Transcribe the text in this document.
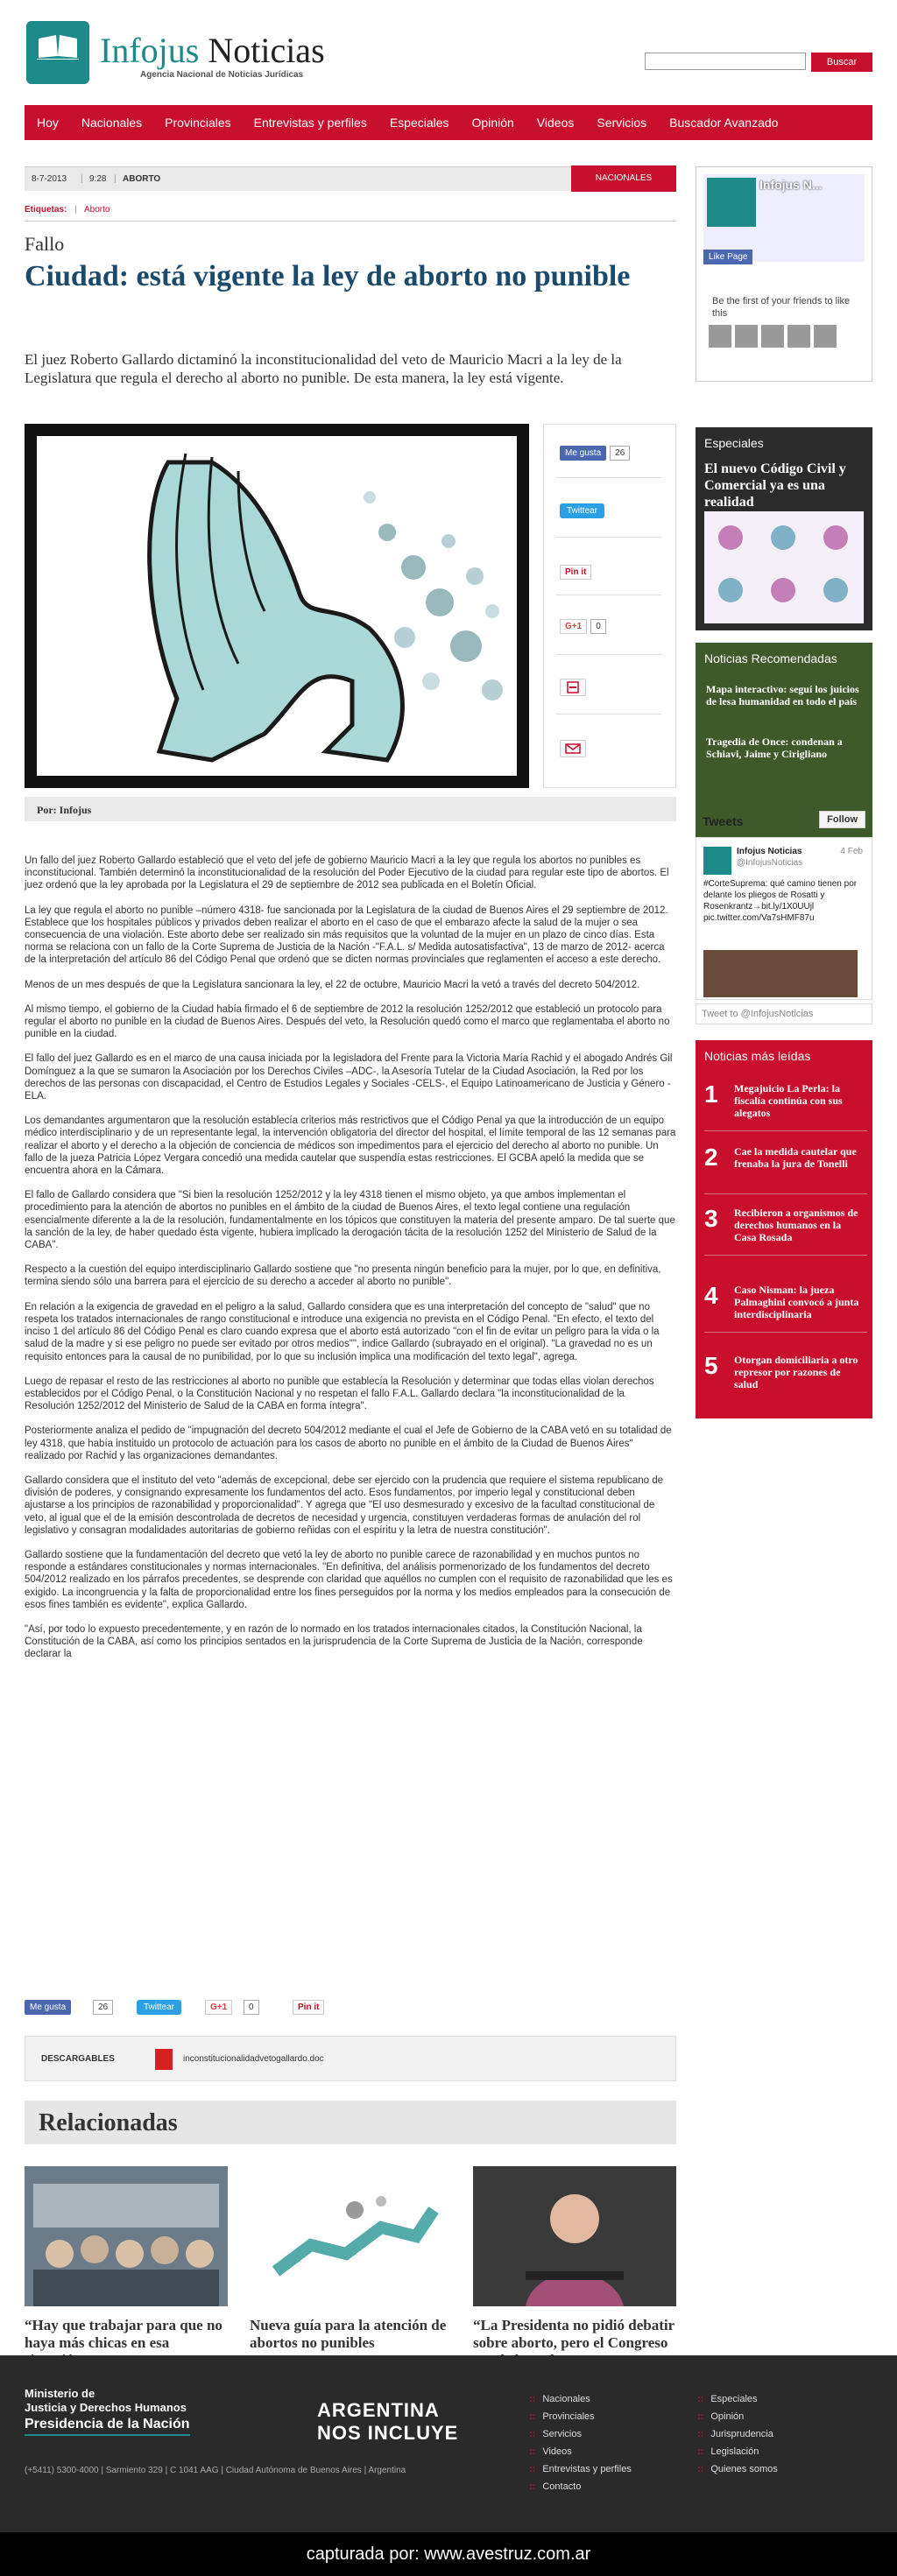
Infojus Noticias
Agencia Nacional de Noticias Jurídicas
Buscar
Hoy Nacionales Provinciales Entrevistas y perfiles Especiales Opinión Videos Servicios Buscador Avanzado
8-7-2013 | 9:28 | ABORTO	NACIONALES
Etiquetas: | Aborto
Fallo
Ciudad: está vigente la ley de aborto no punible

El juez Roberto Gallardo dictaminó la inconstitucionalidad del veto de Mauricio Macri a la ley de la Legislatura que regula el derecho al aborto no punible. De esta manera, la ley está vigente.

Me gusta 26
Twittear
Pin it
G+1 0
Por: Infojus

Un fallo del juez Roberto Gallardo estableció que el veto del jefe de gobierno Mauricio Macri a la ley que regula los abortos no punibles es inconstitucional. También determinó la inconstitucionalidad de la resolución del Poder Ejecutivo de la ciudad para regular este tipo de abortos. El juez ordenó que la ley aprobada por la Legislatura el 29 de septiembre de 2012 sea publicada en el Boletín Oficial.

La ley que regula el aborto no punible –número 4318- fue sancionada por la Legislatura de la ciudad de Buenos Aires el 29 septiembre de 2012. Establece que los hospitales públicos y privados deben realizar el aborto en el caso de que el embarazo afecte la salud de la mujer o sea consecuencia de una violación. Este aborto debe ser realizado sin más requisitos que la voluntad de la mujer en un plazo de cinco días. Esta norma se relaciona con un fallo de la Corte Suprema de Justicia de la Nación -"F.A.L. s/ Medida autosatisfactiva", 13 de marzo de 2012- acerca de la interpretación del artículo 86 del Código Penal que ordenó que se dicten normas provinciales que reglamenten el acceso a este derecho.

Menos de un mes después de que la Legislatura sancionara la ley, el 22 de octubre, Mauricio Macri la vetó a través del decreto 504/2012.

Al mismo tiempo, el gobierno de la Ciudad había firmado el 6 de septiembre de 2012 la resolución 1252/2012 que estableció un protocolo para regular el aborto no punible en la ciudad de Buenos Aires. Después del veto, la Resolución quedó como el marco que reglamentaba el aborto no punible en la ciudad.

El fallo del juez Gallardo es en el marco de una causa iniciada por la legisladora del Frente para la Victoria María Rachid y el abogado Andrés Gil Domínguez a la que se sumaron la Asociación por los Derechos Civiles –ADC-, la Asesoría Tutelar de la Ciudad Asociación, la Red por los derechos de las personas con discapacidad, el Centro de Estudios Legales y Sociales -CELS-, el Equipo Latinoamericano de Justicia y Género -ELA.

Los demandantes argumentaron que la resolución establecía criterios más restrictivos que el Código Penal ya que la introducción de un equipo médico interdisciplinario y de un representante legal, la intervención obligatoria del director del hospital, el límite temporal de las 12 semanas para realizar el aborto y el derecho a la objeción de conciencia de médicos son impedimentos para el ejercicio del derecho al aborto no punible. Un fallo de la jueza Patricia López Vergara concedió una medida cautelar que suspendía estas restricciones. El GCBA apeló la medida que se encuentra ahora en la Cámara.

El fallo de Gallardo considera que "Si bien la resolución 1252/2012 y la ley 4318 tienen el mismo objeto, ya que ambos implementan el procedimiento para la atención de abortos no punibles en el ámbito de la ciudad de Buenos Aires, el texto legal contiene una regulación esencialmente diferente a la de la resolución, fundamentalmente en los tópicos que constituyen la materia del presente amparo. De tal suerte que la sanción de la ley, de haber quedado ésta vigente, hubiera implicado la derogación tácita de la resolución 1252 del Ministerio de Salud de la CABA".

Respecto a la cuestión del equipo interdisciplinario Gallardo sostiene que "no presenta ningún beneficio para la mujer, por lo que, en definitiva, termina siendo sólo una barrera para el ejercicio de su derecho a acceder al aborto no punible".

En relación a la exigencia de gravedad en el peligro a la salud, Gallardo considera que es una interpretación del concepto de "salud" que no respeta los tratados internacionales de rango constitucional e introduce una exigencia no prevista en el Código Penal. "En efecto, el texto del inciso 1 del artículo 86 del Código Penal es claro cuando expresa que el aborto está autorizado "con el fin de evitar un peligro para la vida o la salud de la madre y si ese peligro no puede ser evitado por otros medios"", indice Gallardo (subrayado en el original). "La gravedad no es un requisito entonces para la causal de no punibilidad, por lo que su inclusión implica una modificación del texto legal", agrega.

Luego de repasar el resto de las restricciones al aborto no punible que establecía la Resolución y determinar que todas ellas violan derechos establecidos por el Código Penal, o la Constitución Nacional y no respetan el fallo F.A.L. Gallardo declara "la inconstitucionalidad de la Resolución 1252/2012 del Ministerio de Salud de la CABA en forma íntegra".

Posteriormente analiza el pedido de "impugnación del decreto 504/2012 mediante el cual el Jefe de Gobierno de la CABA vetó en su totalidad de ley 4318, que había instituido un protocolo de actuación para los casos de aborto no punible en el ámbito de la Ciudad de Buenos Aires" realizado por Rachid y las organizaciones demandantes.

Gallardo considera que el instituto del veto "además de excepcional, debe ser ejercido con la prudencia que requiere el sistema republicano de división de poderes, y consignando expresamente los fundamentos del acto. Esos fundamentos, por imperio legal y constitucional deben ajustarse a los principios de razonabilidad y proporcionalidad". Y agrega que "El uso desmesurado y excesivo de la facultad constitucional de veto, al igual que el de la emisión descontrolada de decretos de necesidad y urgencia, constituyen verdaderas formas de anulación del rol legislativo y consagran modalidades autoritarias de gobierno reñidas con el espíritu y la letra de nuestra constitución".

Gallardo sostiene que la fundamentación del decreto que vetó la ley de aborto no punible carece de razonabilidad y en muchos puntos no responde a estándares constitucionales y normas internacionales. "En definitiva, del análisis pormenorizado de los fundamentos del decreto 504/2012 realizado en los párrafos precedentes, se desprende con claridad que aquéllos no cumplen con el requisito de razonabilidad que les es exigido. La incongruencia y la falta de proporcionalidad entre los fines perseguidos por la norma y los medios empleados para la consecución de esos fines también es evidente", explica Gallardo.

"Así, por todo lo expuesto precedentemente, y en razón de lo normado en los tratados internacionales citados, la Constitución Nacional, la Constitución de la CABA, así como los principios sentados en la jurisprudencia de la Corte Suprema de Justicia de la Nación, corresponde declarar la

Me gusta	26	Twittear	G+1	0	Pin it
DESCARGABLES	inconstitucionalidadvetogallardo.doc
Relacionadas
“Hay que trabajar para que no haya más chicas en esa
Nueva guía para la atención de abortos no punibles
“La Presidenta no pidió debatir sobre aborto, pero el Congreso
Infojus N...
Like Page
Be the first of your friends to like this
Especiales
El nuevo Código Civil y Comercial ya es una realidad
Noticias Recomendadas
Mapa interactivo: seguí los juicios de lesa humanidad en todo el país
Tragedia de Once: condenan a Schiavi, Jaime y Cirigliano
Tweets	Follow
Infojus Noticias
@InfojusNoticias
4 Feb
#CorteSuprema: qué camino tienen por delante los pliegos de Rosatti y Rosenkrantz→bit.ly/1X0UUjl pic.twitter.com/Va7sHMF87u
Tweet to @InfojusNoticias
Noticias más leídas
1 Megajuicio La Perla: la fiscalía continúa con sus alegatos
2 Cae la medida cautelar que frenaba la jura de Tonelli
3 Recibieron a organismos de derechos humanos en la Casa Rosada
4 Caso Nisman: la jueza Palmaghini convocó a junta interdisciplinaria
5 Otorgan domiciliaria a otro represor por razones de salud
Ministerio de
Justicia y Derechos Humanos
Presidencia de la Nación
ARGENTINA
NOS INCLUYE
(+5411) 5300-4000 | Sarmiento 329 | C 1041 AAG | Ciudad Autónoma de Buenos Aires | Argentina
:: Nacionales
:: Provinciales
:: Servicios
:: Videos
:: Entrevistas y perfiles
:: Contacto
:: Especiales
:: Opinión
:: Jurisprudencia
:: Legislación
:: Quienes somos
capturada por: www.avestruz.com.ar
